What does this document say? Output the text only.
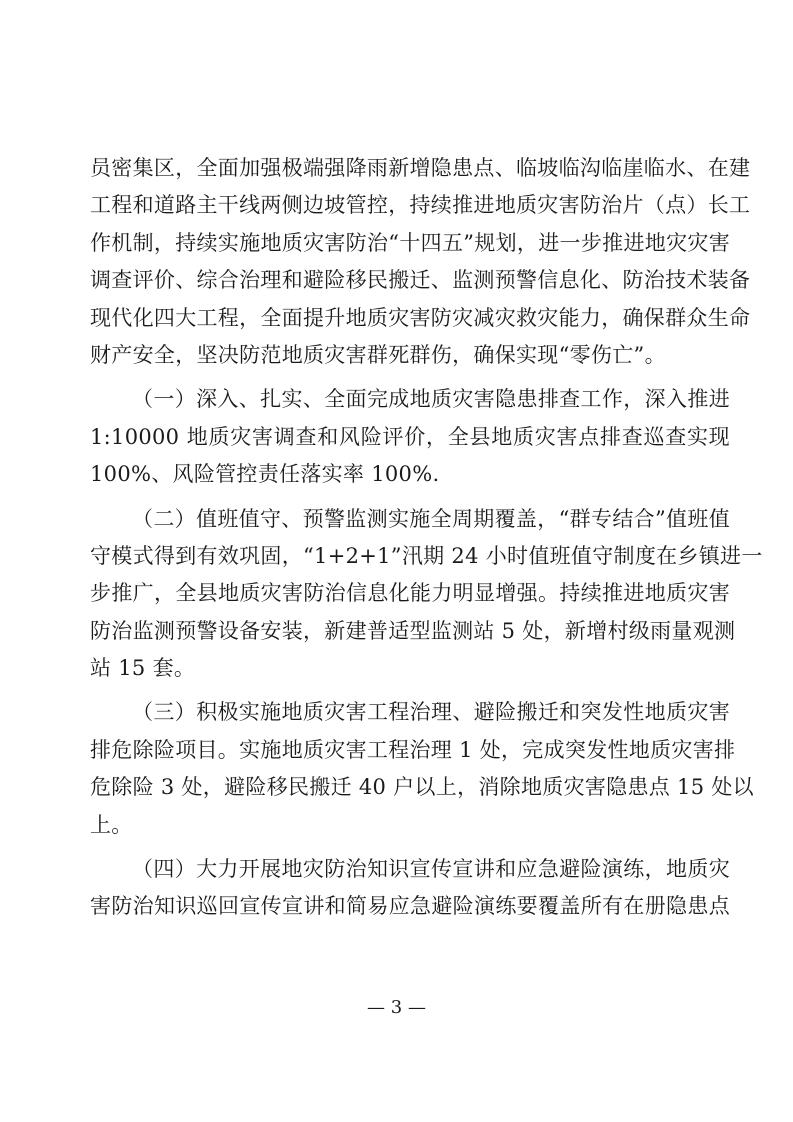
员密集区，全面加强极端强降雨新增隐患点、临坡临沟临崖临水、在建
工程和道路主干线两侧边坡管控，持续推进地质灾害防治片（点）长工
作机制，持续实施地质灾害防治“十四五”规划，进一步推进地灾灾害
调查评价、综合治理和避险移民搬迁、监测预警信息化、防治技术装备
现代化四大工程，全面提升地质灾害防灾减灾救灾能力，确保群众生命
财产安全，坚决防范地质灾害群死群伤，确保实现“零伤亡”。
（一）深入、扎实、全面完成地质灾害隐患排查工作，深入推进
1:10000 地质灾害调查和风险评价，全县地质灾害点排查巡查实现
100%、风险管控责任落实率 100%.
（二）值班值守、预警监测实施全周期覆盖，“群专结合”值班值
守模式得到有效巩固，“1+2+1”汛期 24 小时值班值守制度在乡镇进一
步推广，全县地质灾害防治信息化能力明显增强。持续推进地质灾害
防治监测预警设备安装，新建普适型监测站 5 处，新增村级雨量观测
站 15 套。
（三）积极实施地质灾害工程治理、避险搬迁和突发性地质灾害
排危除险项目。实施地质灾害工程治理 1 处，完成突发性地质灾害排
危除险 3 处，避险移民搬迁 40 户以上，消除地质灾害隐患点 15 处以
上。
（四）大力开展地灾防治知识宣传宣讲和应急避险演练，地质灾
害防治知识巡回宣传宣讲和简易应急避险演练要覆盖所有在册隐患点
— 3 —
